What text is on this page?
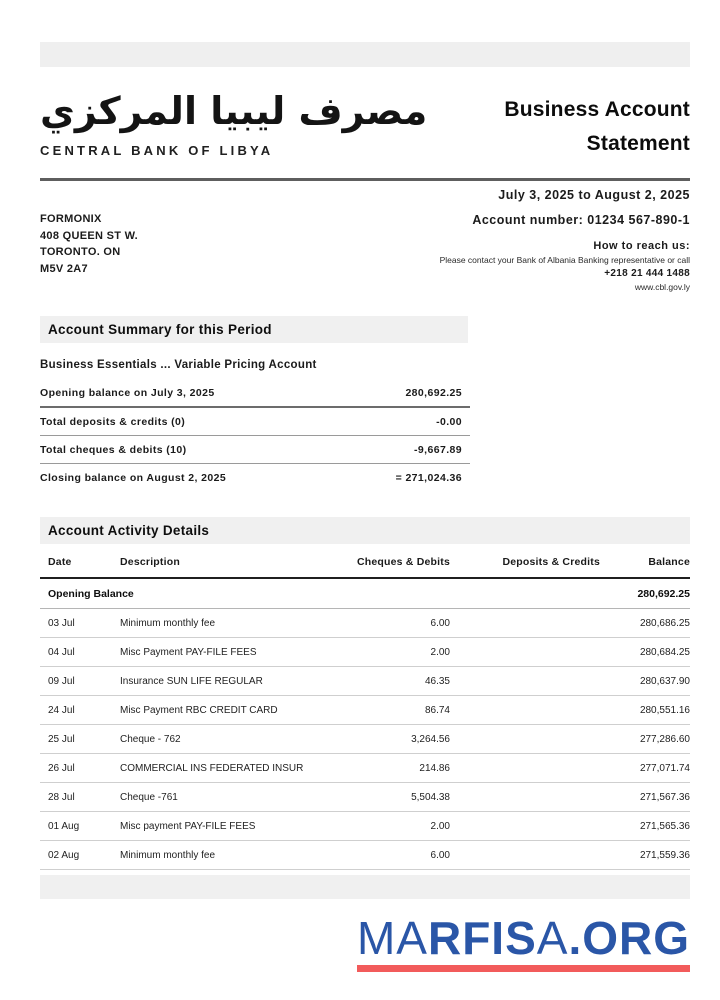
مصرف ليبيا المركزي
CENTRAL BANK OF LIBYA
Business Account
Statement
FORMONIX
408 QUEEN ST W.
TORONTO. ON
M5V 2A7
July 3, 2025 to August 2, 2025
Account number: 01234 567-890-1
How to reach us:
Please contact your Bank of Albania Banking representative or call
+218 21 444 1488
www.cbl.gov.ly
Account Summary for this Period
Business Essentials ... Variable Pricing Account
Opening balance on July 3, 2025	280,692.25
Total deposits & credits (0)	-0.00
Total cheques & debits (10)	-9,667.89
Closing balance on August 2, 2025	= 271,024.36
Account Activity Details
Date	Description	Cheques & Debits	Deposits & Credits	Balance
Opening Balance				280,692.25
03 Jul	Minimum monthly fee	6.00		280,686.25
04 Jul	Misc Payment PAY-FILE FEES	2.00		280,684.25
09 Jul	Insurance SUN LIFE REGULAR	46.35		280,637.90
24 Jul	Misc Payment RBC CREDIT CARD	86.74		280,551.16
25 Jul	Cheque - 762	3,264.56		277,286.60
26 Jul	COMMERCIAL INS FEDERATED INSUR	214.86		277,071.74
28 Jul	Cheque -761	5,504.38		271,567.36
01 Aug	Misc payment PAY-FILE FEES	2.00		271,565.36
02 Aug	Minimum monthly fee	6.00		271,559.36
MARFISA.ORG
